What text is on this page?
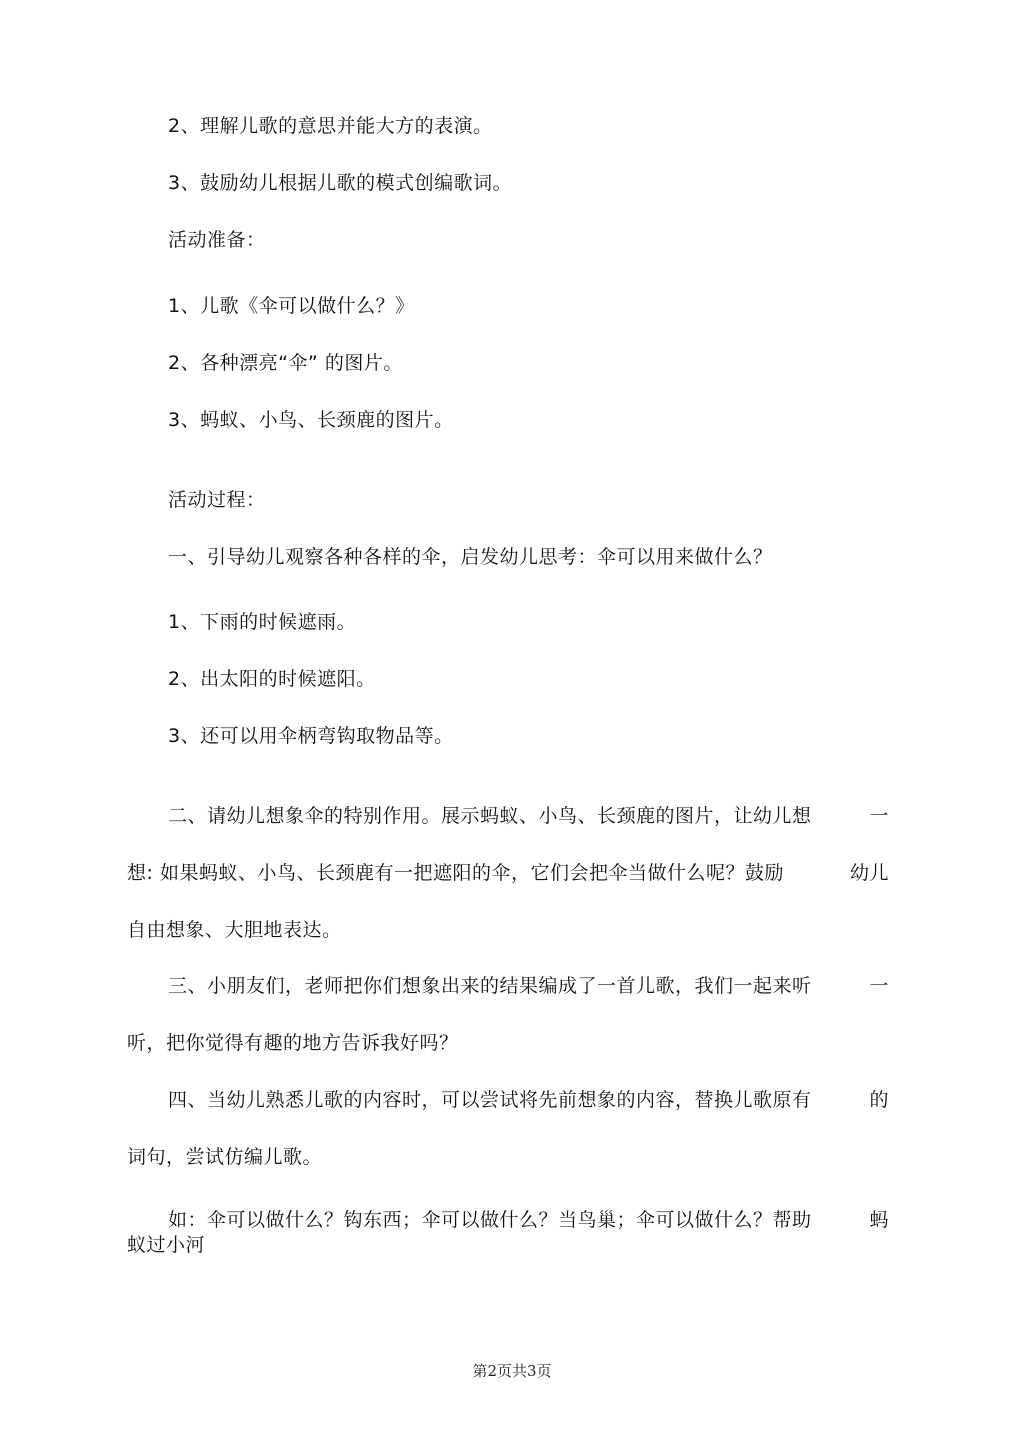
2、理解儿歌的意思并能大方的表演。
3、鼓励幼儿根据儿歌的模式创编歌词。
活动准备：
1、儿歌《伞可以做什么？》
2、各种漂亮“伞” 的图片。
3、蚂蚁、小鸟、长颈鹿的图片。
活动过程：
一、引导幼儿观察各种各样的伞，启发幼儿思考：伞可以用来做什么？
1、下雨的时候遮雨。
2、出太阳的时候遮阳。
3、还可以用伞柄弯钩取物品等。
二、请幼儿想象伞的特别作用。展示蚂蚁、小鸟、长颈鹿的图片，让幼儿想	一
想: 如果蚂蚁、小鸟、长颈鹿有一把遮阳的伞，它们会把伞当做什么呢？鼓励	幼儿
自由想象、大胆地表达。
三、小朋友们，老师把你们想象出来的结果编成了一首儿歌，我们一起来听	一
听，把你觉得有趣的地方告诉我好吗？
四、当幼儿熟悉儿歌的内容时，可以尝试将先前想象的内容，替换儿歌原有	的
词句，尝试仿编儿歌。
如：伞可以做什么？钩东西；伞可以做什么？当鸟巢；伞可以做什么？帮助	蚂
蚁过小河
第2页共3页
